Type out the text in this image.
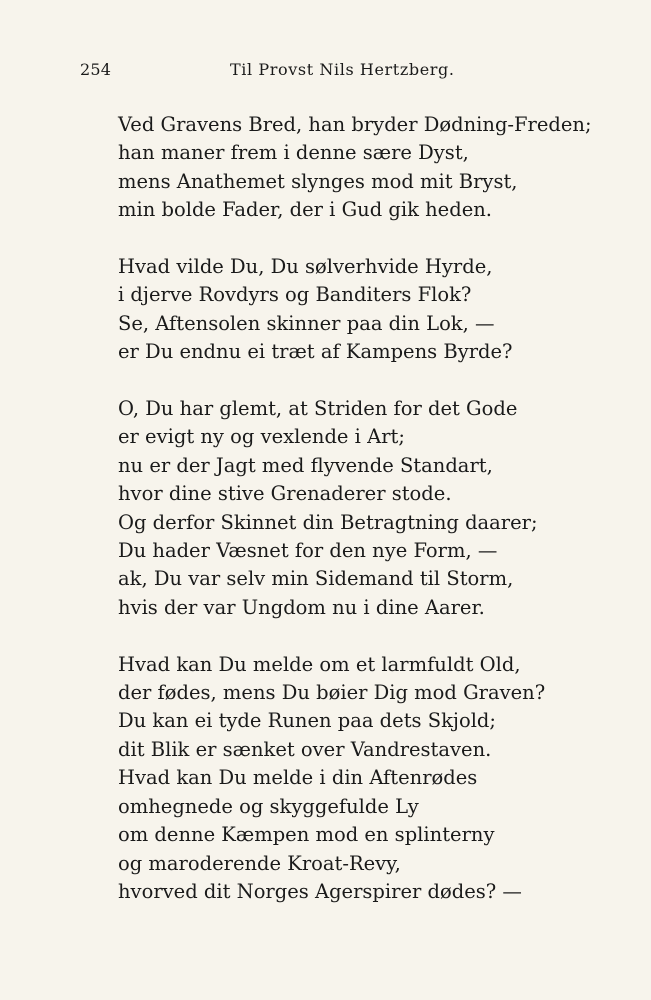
254	Til Provst Nils Hertzberg.
Ved Gravens Bred, han bryder Dødning-Freden;
han maner frem i denne sære Dyst,
mens Anathemet slynges mod mit Bryst,
min bolde Fader, der i Gud gik heden.
Hvad vilde Du, Du sølverhvide Hyrde,
i djerve Rovdyrs og Banditers Flok?
Se, Aftensolen skinner paa din Lok, —
er Du endnu ei træt af Kampens Byrde?
O, Du har glemt, at Striden for det Gode
er evigt ny og vexlende i Art;
nu er der Jagt med flyvende Standart,
hvor dine stive Grenaderer stode.
Og derfor Skinnet din Betragtning daarer;
Du hader Væsnet for den nye Form, —
ak, Du var selv min Sidemand til Storm,
hvis der var Ungdom nu i dine Aarer.
Hvad kan Du melde om et larmfuldt Old,
der fødes, mens Du bøier Dig mod Graven?
Du kan ei tyde Runen paa dets Skjold;
dit Blik er sænket over Vandrestaven.
Hvad kan Du melde i din Aftenrødes
omhegnede og skyggefulde Ly
om denne Kæmpen mod en splinterny
og maroderende Kroat-Revy,
hvorved dit Norges Agerspirer dødes? —
